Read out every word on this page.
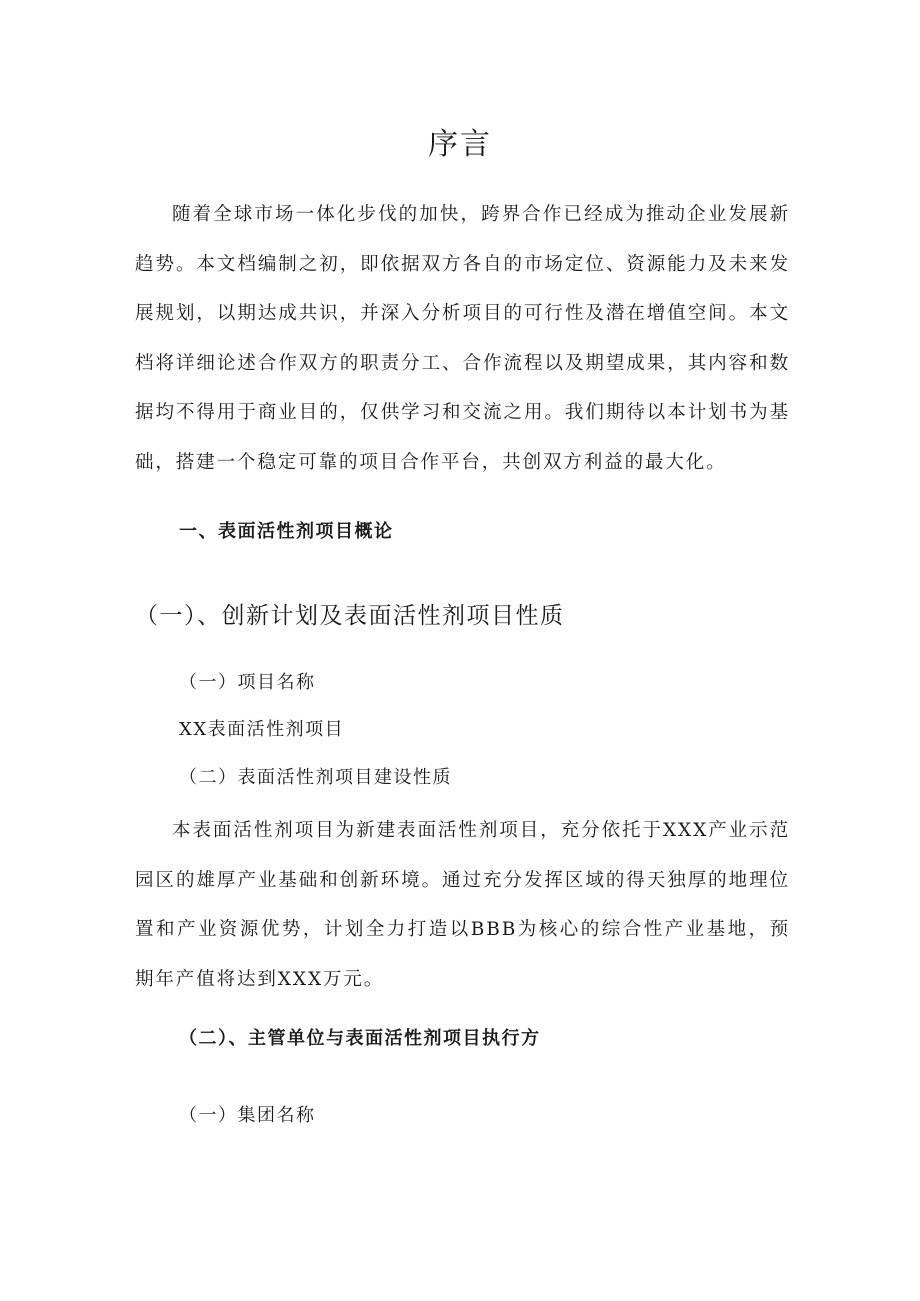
序言

随着全球市场一体化步伐的加快，跨界合作已经成为推动企业发展新趋势。本文档编制之初，即依据双方各自的市场定位、资源能力及未来发展规划，以期达成共识，并深入分析项目的可行性及潜在增值空间。本文档将详细论述合作双方的职责分工、合作流程以及期望成果，其内容和数据均不得用于商业目的，仅供学习和交流之用。我们期待以本计划书为基础，搭建一个稳定可靠的项目合作平台，共创双方利益的最大化。

一、表面活性剂项目概论
（一）、创新计划及表面活性剂项目性质
（一）项目名称
XX表面活性剂项目
（二）表面活性剂项目建设性质

本表面活性剂项目为新建表面活性剂项目，充分依托于XXX产业示范园区的雄厚产业基础和创新环境。通过充分发挥区域的得天独厚的地理位置和产业资源优势，计划全力打造以BBB为核心的综合性产业基地，预期年产值将达到XXX万元。

（二）、主管单位与表面活性剂项目执行方
（一）集团名称
